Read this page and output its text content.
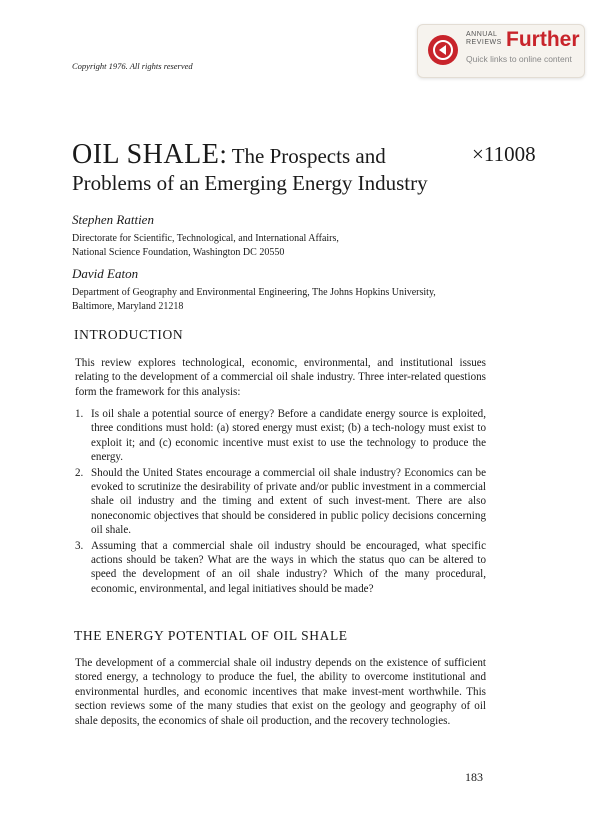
ANNUAL
REVIEWS Further
Quick links to online content
Copyright 1976. All rights reserved
OIL SHALE: The Prospects and
Problems of an Emerging Energy Industry
×11008
Stephen Rattien
Directorate for Scientific, Technological, and International Affairs,
National Science Foundation, Washington DC 20550
David Eaton
Department of Geography and Environmental Engineering, The Johns Hopkins University,
Baltimore, Maryland 21218
INTRODUCTION
This review explores technological, economic, environmental, and institutional issues relating to the development of a commercial oil shale industry. Three inter-related questions form the framework for this analysis:
1. Is oil shale a potential source of energy? Before a candidate energy source is exploited, three conditions must hold: (a) stored energy must exist; (b) a tech-nology must exist to exploit it; and (c) economic incentive must exist to use the technology to produce the energy.
2. Should the United States encourage a commercial oil shale industry? Economics can be evoked to scrutinize the desirability of private and/or public investment in a commercial shale oil industry and the timing and extent of such invest-ment. There are also noneconomic objectives that should be considered in public policy decisions concerning oil shale.
3. Assuming that a commercial shale oil industry should be encouraged, what specific actions should be taken? What are the ways in which the status quo can be altered to speed the development of an oil shale industry? Which of the many procedural, economic, environmental, and legal initiatives should be made?
THE ENERGY POTENTIAL OF OIL SHALE
The development of a commercial shale oil industry depends on the existence of sufficient stored energy, a technology to produce the fuel, the ability to overcome institutional and environmental hurdles, and economic incentives that make invest-ment worthwhile. This section reviews some of the many studies that exist on the geology and geography of oil shale deposits, the economics of shale oil production, and the recovery technologies.
183
